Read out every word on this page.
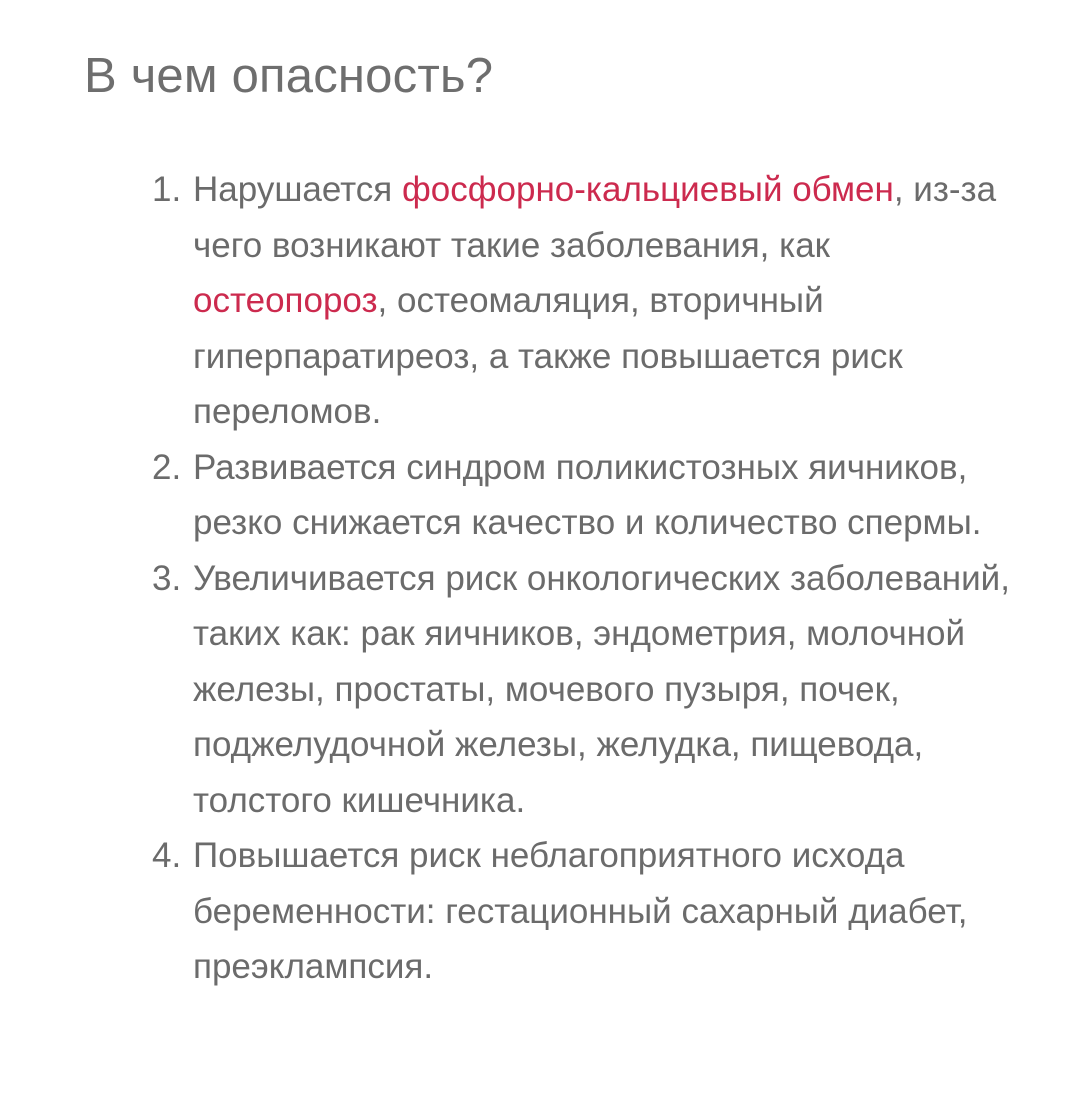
В чем опасность?
1. Нарушается фосфорно-кальциевый обмен, из-за чего возникают такие заболевания, как остеопороз, остеомаляция, вторичный гиперпаратиреоз, а также повышается риск переломов.
2. Развивается синдром поликистозных яичников, резко снижается качество и количество спермы.
3. Увеличивается риск онкологических заболеваний, таких как: рак яичников, эндометрия, молочной железы, простаты, мочевого пузыря, почек, поджелудочной железы, желудка, пищевода, толстого кишечника.
4. Повышается риск неблагоприятного исхода беременности: гестационный сахарный диабет, преэклампсия.
